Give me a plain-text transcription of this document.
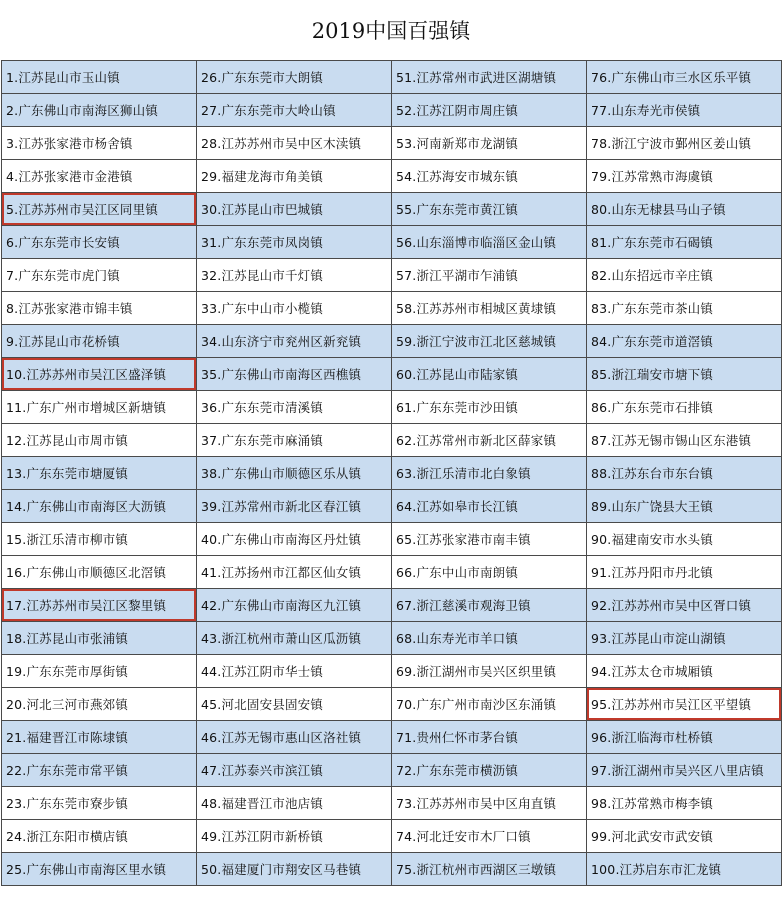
2019中国百强镇
1.江苏昆山市玉山镇	26.广东东莞市大朗镇	51.江苏常州市武进区湖塘镇	76.广东佛山市三水区乐平镇
2.广东佛山市南海区狮山镇	27.广东东莞市大岭山镇	52.江苏江阴市周庄镇	77.山东寿光市侯镇
3.江苏张家港市杨舍镇	28.江苏苏州市吴中区木渎镇	53.河南新郑市龙湖镇	78.浙江宁波市鄞州区姜山镇
4.江苏张家港市金港镇	29.福建龙海市角美镇	54.江苏海安市城东镇	79.江苏常熟市海虞镇
5.江苏苏州市吴江区同里镇	30.江苏昆山市巴城镇	55.广东东莞市黄江镇	80.山东无棣县马山子镇
6.广东东莞市长安镇	31.广东东莞市凤岗镇	56.山东淄博市临淄区金山镇	81.广东东莞市石碣镇
7.广东东莞市虎门镇	32.江苏昆山市千灯镇	57.浙江平湖市乍浦镇	82.山东招远市辛庄镇
8.江苏张家港市锦丰镇	33.广东中山市小榄镇	58.江苏苏州市相城区黄埭镇	83.广东东莞市茶山镇
9.江苏昆山市花桥镇	34.山东济宁市兖州区新兖镇	59.浙江宁波市江北区慈城镇	84.广东东莞市道滘镇
10.江苏苏州市吴江区盛泽镇	35.广东佛山市南海区西樵镇	60.江苏昆山市陆家镇	85.浙江瑞安市塘下镇
11.广东广州市增城区新塘镇	36.广东东莞市清溪镇	61.广东东莞市沙田镇	86.广东东莞市石排镇
12.江苏昆山市周市镇	37.广东东莞市麻涌镇	62.江苏常州市新北区薛家镇	87.江苏无锡市锡山区东港镇
13.广东东莞市塘厦镇	38.广东佛山市顺德区乐从镇	63.浙江乐清市北白象镇	88.江苏东台市东台镇
14.广东佛山市南海区大沥镇	39.江苏常州市新北区春江镇	64.江苏如皋市长江镇	89.山东广饶县大王镇
15.浙江乐清市柳市镇	40.广东佛山市南海区丹灶镇	65.江苏张家港市南丰镇	90.福建南安市水头镇
16.广东佛山市顺德区北滘镇	41.江苏扬州市江都区仙女镇	66.广东中山市南朗镇	91.江苏丹阳市丹北镇
17.江苏苏州市吴江区黎里镇	42.广东佛山市南海区九江镇	67.浙江慈溪市观海卫镇	92.江苏苏州市吴中区胥口镇
18.江苏昆山市张浦镇	43.浙江杭州市萧山区瓜沥镇	68.山东寿光市羊口镇	93.江苏昆山市淀山湖镇
19.广东东莞市厚街镇	44.江苏江阴市华士镇	69.浙江湖州市吴兴区织里镇	94.江苏太仓市城厢镇
20.河北三河市燕郊镇	45.河北固安县固安镇	70.广东广州市南沙区东涌镇	95.江苏苏州市吴江区平望镇
21.福建晋江市陈埭镇	46.江苏无锡市惠山区洛社镇	71.贵州仁怀市茅台镇	96.浙江临海市杜桥镇
22.广东东莞市常平镇	47.江苏泰兴市滨江镇	72.广东东莞市横沥镇	97.浙江湖州市吴兴区八里店镇
23.广东东莞市寮步镇	48.福建晋江市池店镇	73.江苏苏州市吴中区甪直镇	98.江苏常熟市梅李镇
24.浙江东阳市横店镇	49.江苏江阴市新桥镇	74.河北迁安市木厂口镇	99.河北武安市武安镇
25.广东佛山市南海区里水镇	50.福建厦门市翔安区马巷镇	75.浙江杭州市西湖区三墩镇	100.江苏启东市汇龙镇
